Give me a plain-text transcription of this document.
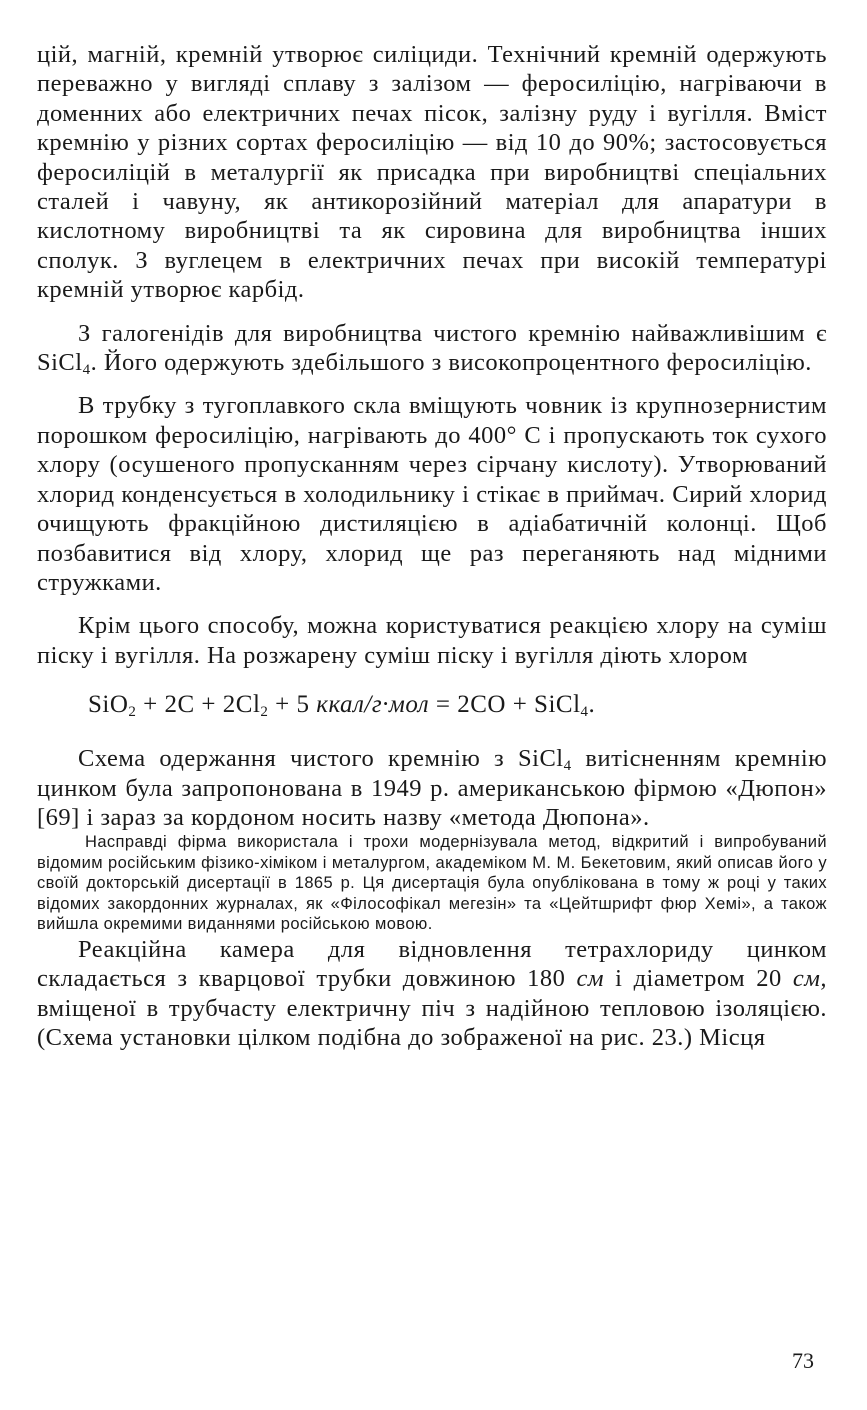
цій, магній, кремній утворює силіциди. Технічний кремній одержують переважно у вигляді сплаву з залізом — феросиліцію, нагріваючи в доменних або електричних печах пісок, залізну руду і вугілля. Вміст кремнію у різних сортах феросиліцію — від 10 до 90%; застосовується феросиліцій в металургії як присадка при виробництві спеціальних сталей і чавуну, як антикорозійний матеріал для апаратури в кислотному виробництві та як сировина для виробництва інших сполук. З вуглецем в електричних печах при високій температурі кремній утворює карбід.

З галогенідів для виробництва чистого кремнію найважливішим є SiCl$_4$. Його одержують здебільшого з високопроцентного феросиліцію.

В трубку з тугоплавкого скла вміщують човник із крупнозернистим порошком феросиліцію, нагрівають до 400° С і пропускають ток сухого хлору (осушеного пропусканням через сірчану кислоту). Утворюваний хлорид конденсується в холодильнику і стікає в приймач. Сирий хлорид очищують фракційною дистиляцією в адіабатичній колонці. Щоб позбавитися від хлору, хлорид ще раз переганяють над мідними стружками.

Крім цього способу, можна користуватися реакцією хлору на суміш піску і вугілля. На розжарену суміш піску і вугілля діють хлором

$SiO_2 + 2C + 2Cl_2 + 5$ ккал/г·мол = 2CO + SiCl$_4$.

Схема одержання чистого кремнію з SiCl$_4$ витісненням кремнію цинком була запропонована в 1949 р. американською фірмою «Дюпон» [69] і зараз за кордоном носить назву «метода Дюпона».

Насправді фірма використала і трохи модернізувала метод, відкритий і випробуваний відомим російським фізико-хіміком і металургом, академіком М. М. Бекетовим, який описав його у своїй докторській дисертації в 1865 р. Ця дисертація була опублікована в тому ж році у таких відомих закордонних журналах, як «Філософікал мегезін» та «Цейтшрифт фюр Хемі», а також вийшла окремими виданнями російською мовою.

Реакційна камера для відновлення тетрахлориду цинком складається з кварцової трубки довжиною 180 см і діаметром 20 см, вміщеної в трубчасту електричну піч з надійною тепловою ізоляцією. (Схема установки цілком подібна до зображеної на рис. 23.) Місця

73
